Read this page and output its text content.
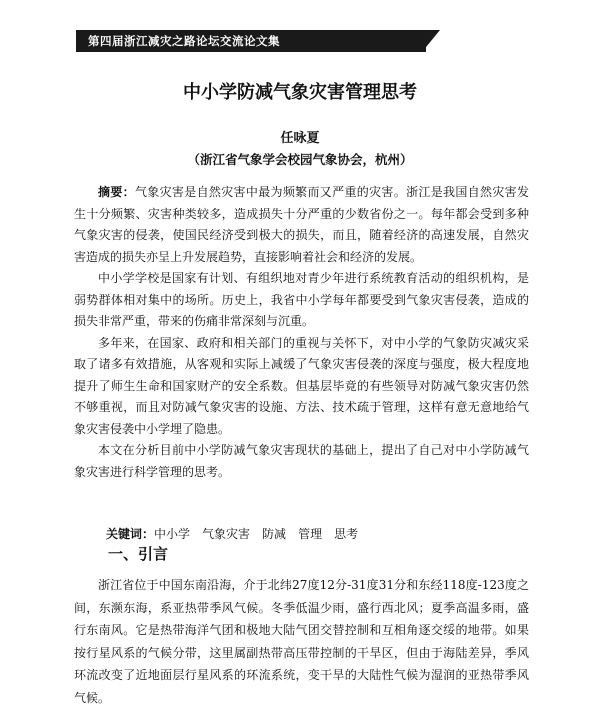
第四届浙江减灾之路论坛交流论文集
中小学防减气象灾害管理思考
任咏夏
（浙江省气象学会校园气象协会，杭州）

摘要：气象灾害是自然灾害中最为频繁而又严重的灾害。浙江是我国自然灾害发生十分频繁、灾害种类较多，造成损失十分严重的少数省份之一。每年都会受到多种气象灾害的侵袭，使国民经济受到极大的损失，而且，随着经济的高速发展，自然灾害造成的损失亦呈上升发展趋势，直接影响着社会和经济的发展。

中小学学校是国家有计划、有组织地对青少年进行系统教育活动的组织机构，是弱势群体相对集中的场所。历史上，我省中小学每年都要受到气象灾害侵袭，造成的损失非常严重，带来的伤痛非常深刻与沉重。

多年来，在国家、政府和相关部门的重视与关怀下，对中小学的气象防灾减灾采取了诸多有效措施，从客观和实际上减缓了气象灾害侵袭的深度与强度，极大程度地提升了师生生命和国家财产的安全系数。但基层毕竟的有些领导对防减气象灾害仍然不够重视，而且对防减气象灾害的设施、方法、技术疏于管理，这样有意无意地给气象灾害侵袭中小学埋了隐患。

本文在分析目前中小学防减气象灾害现状的基础上，提出了自己对中小学防减气象灾害进行科学管理的思考。

关键词：中小学 气象灾害 防减 管理 思考
一、引言

浙江省位于中国东南沿海，介于北纬27度12分-31度31分和东经118度-123度之间，东濒东海，系亚热带季风气候。冬季低温少雨，盛行西北风；夏季高温多雨，盛行东南风。它是热带海洋气团和极地大陆气团交替控制和互相角逐交绥的地带。如果按行星风系的气候分带，这里属副热带高压带控制的干旱区，但由于海陆差异，季风环流改变了近地面层行星风系的环流系统，变干旱的大陆性气候为湿润的亚热带季风气候。
